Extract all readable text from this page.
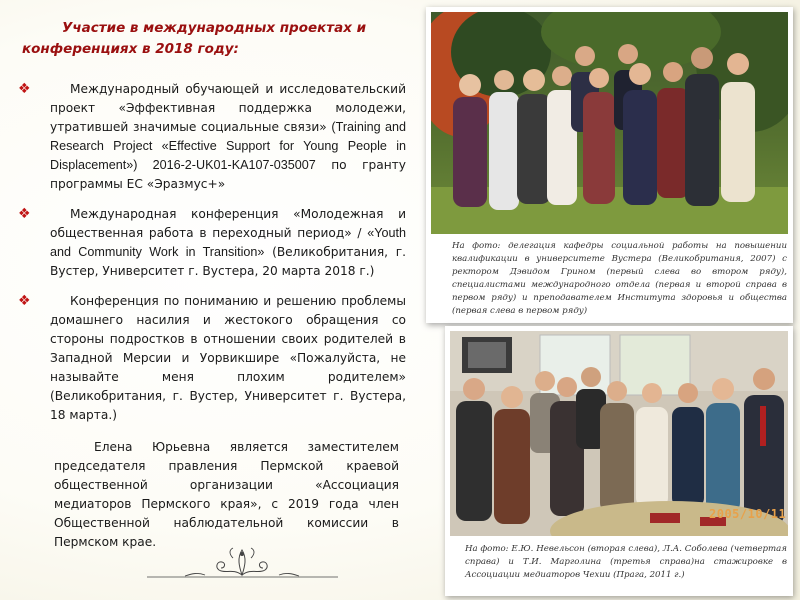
Участие в международных проектах и
конференциях в 2018 году:
❖	Международный обучающей и исследовательский проект «Эффективная поддержка молодежи, утратившей значимые социальные связи» (Training and Research Project «Effective Support for Young People in Displacement») 2016-2-UK01-KA107-035007 по гранту программы ЕС «Эразмус+»
❖	Международная конференция «Молодежная и общественная работа в переходный период» / «Youth and Community Work in Transition» (Великобритания, г. Вустер, Университет г. Вустера, 20 марта 2018 г.)
❖	Конференция по пониманию и решению проблемы домашнего насилия и жестокого обращения со стороны подростков в отношении своих родителей в Западной Мерсии и Уорвикшире «Пожалуйста, не называйте меня плохим родителем» (Великобритания, г. Вустер, Университет г. Вустера, 18 марта.)
Елена Юрьевна является заместителем председателя правления Пермской краевой общественной организации «Ассоциация медиаторов Пермского края», с 2019 года член Общественной наблюдательной комиссии в Пермском крае.
На фото: делегация кафедры социальной работы на повышении квалификации в университете Вустера (Великобритания, 2007) с ректором Дэвидом Грином (первый слева во втором ряду), специалистами международного отдела (первая и второй справа в первом ряду) и преподавателем Института здоровья и общества (первая слева в первом ряду)
2005/10/11
На фото: Е.Ю. Невельсон (вторая слева), Л.А. Соболева (четвертая справа) и Т.И. Марголина (третья справа)на стажировке в Ассоциации медиаторов Чехии (Прага, 2011 г.)
